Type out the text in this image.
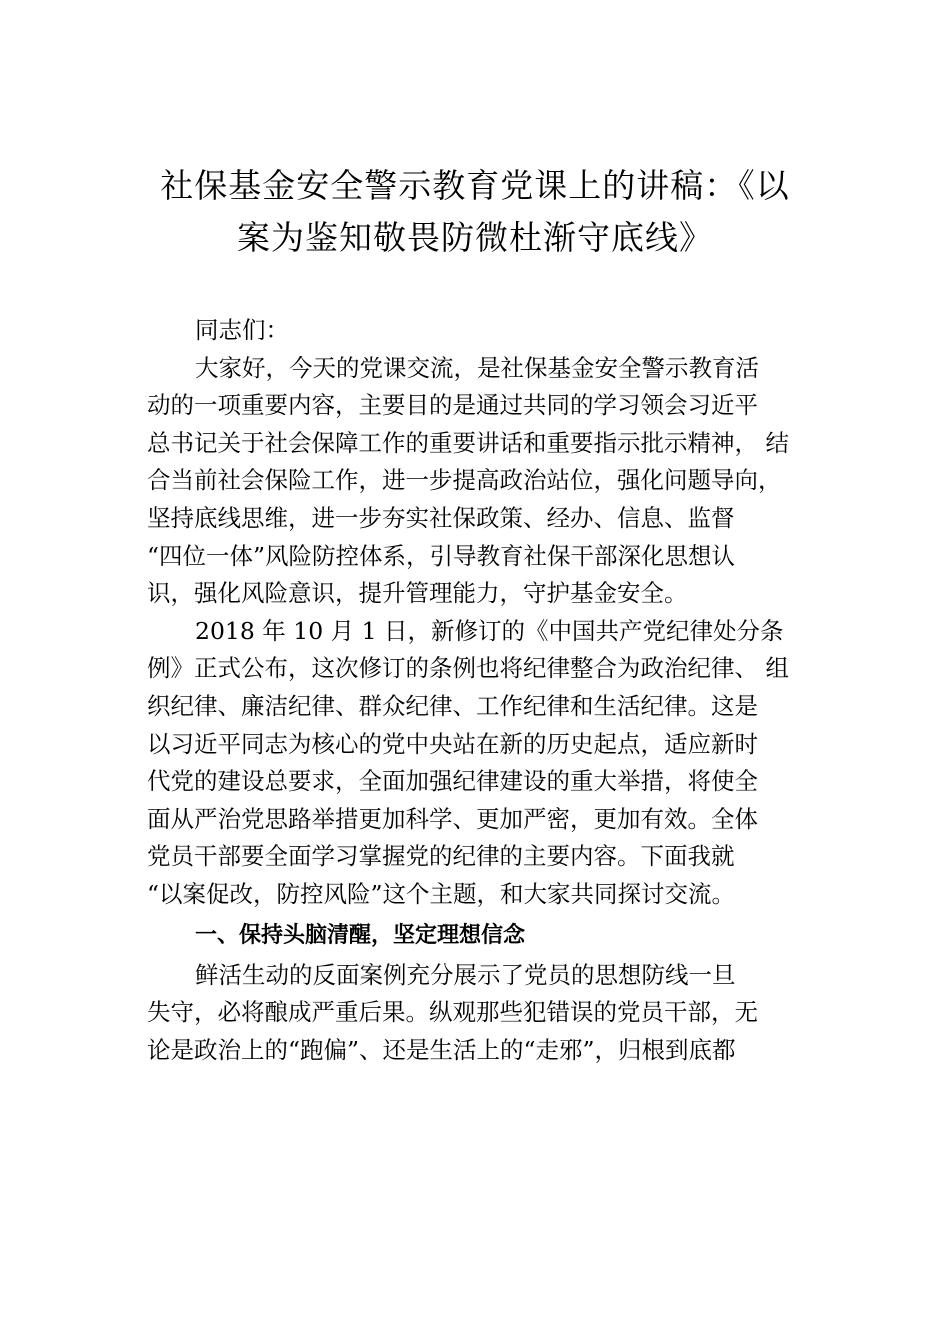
社保基金安全警示教育党课上的讲稿：《以
案为鉴知敬畏防微杜渐守底线》

同志们：

大家好，今天的党课交流，是社保基金安全警示教育活
动的一项重要内容，主要目的是通过共同的学习领会习近平
总书记关于社会保障工作的重要讲话和重要指示批示精神， 结
合当前社会保险工作，进一步提高政治站位，强化问题导向，
坚持底线思维，进一步夯实社保政策、经办、信息、监督
“四位一体”风险防控体系，引导教育社保干部深化思想认
识，强化风险意识，提升管理能力，守护基金安全。

2018 年 10 月 1 日，新修订的《中国共产党纪律处分条
例》正式公布，这次修订的条例也将纪律整合为政治纪律、 组
织纪律、廉洁纪律、群众纪律、工作纪律和生活纪律。这是
以习近平同志为核心的党中央站在新的历史起点，适应新时
代党的建设总要求，全面加强纪律建设的重大举措，将使全
面从严治党思路举措更加科学、更加严密，更加有效。全体
党员干部要全面学习掌握党的纪律的主要内容。下面我就
“以案促改，防控风险”这个主题，和大家共同探讨交流。

一、保持头脑清醒，坚定理想信念

鲜活生动的反面案例充分展示了党员的思想防线一旦
失守，必将酿成严重后果。纵观那些犯错误的党员干部，无
论是政治上的“跑偏”、还是生活上的“走邪”，归根到底都
